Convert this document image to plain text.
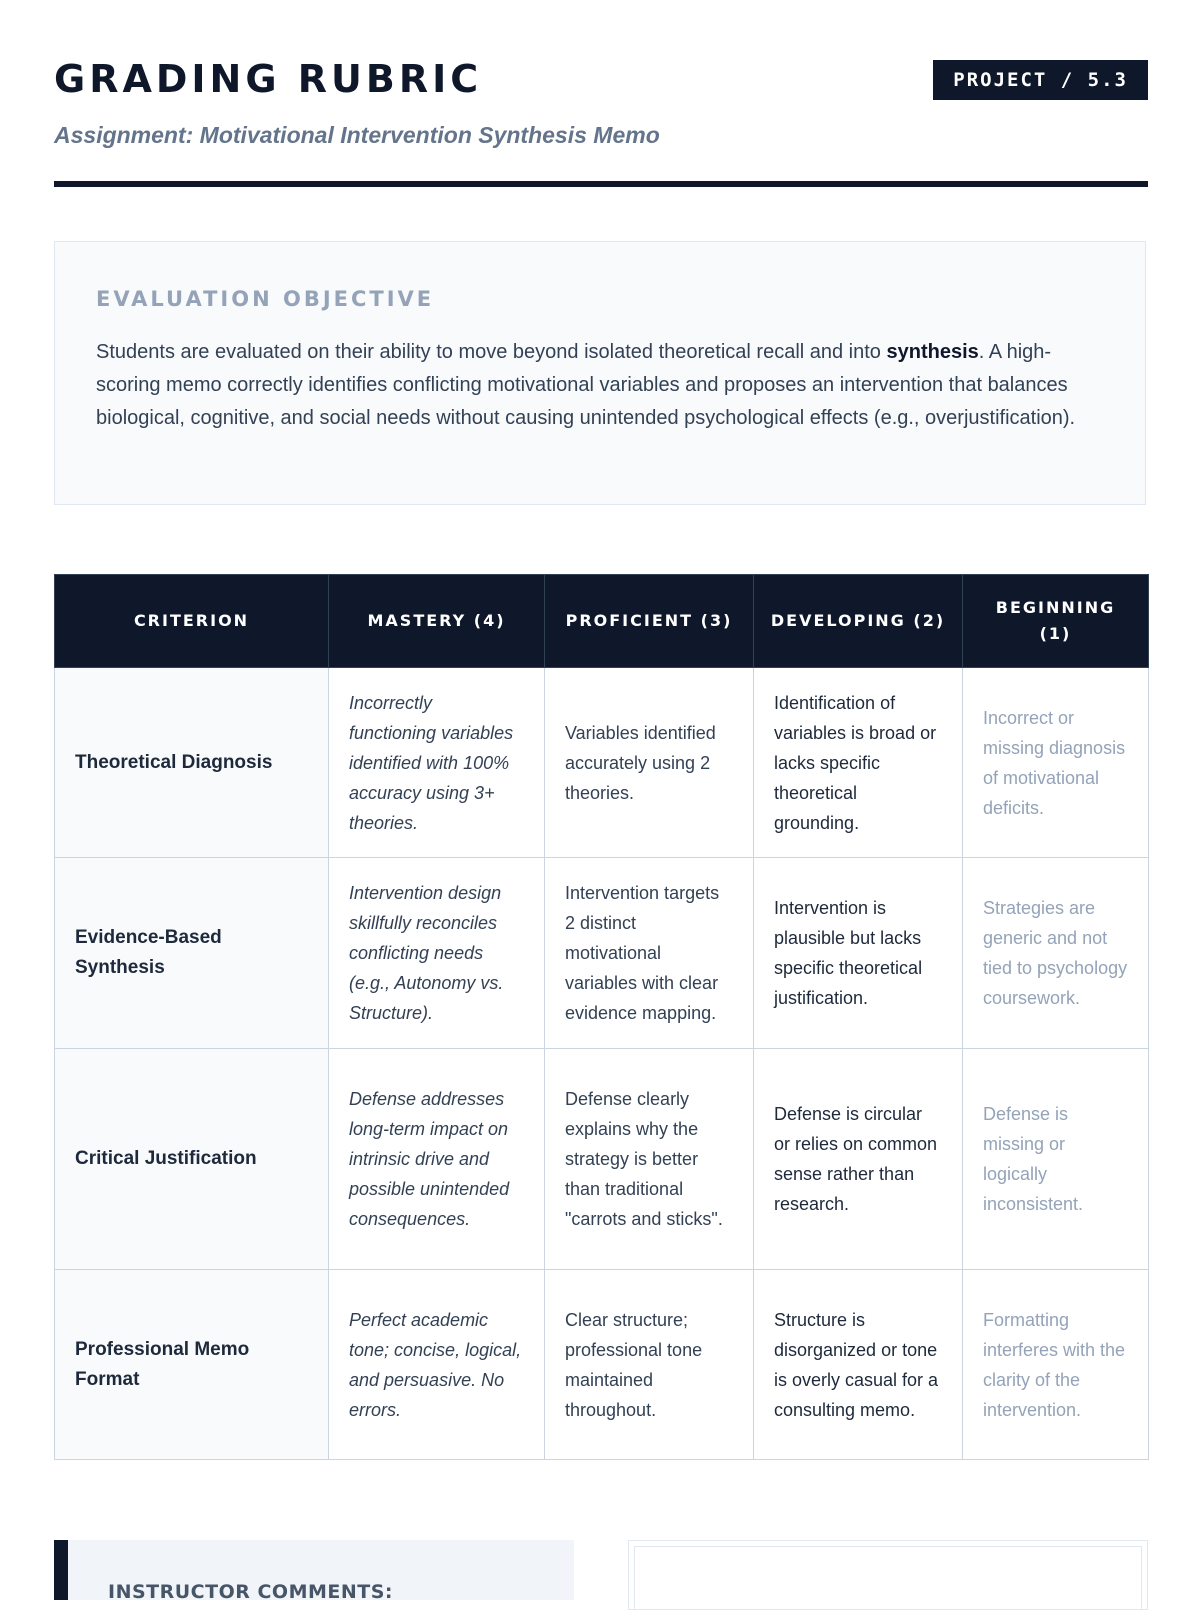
GRADING RUBRIC	PROJECT / 5.3

Assignment: Motivational Intervention Synthesis Memo

EVALUATION OBJECTIVE

Students are evaluated on their ability to move beyond isolated theoretical recall and into synthesis. A high-scoring memo correctly identifies conflicting motivational variables and proposes an intervention that balances biological, cognitive, and social needs without causing unintended psychological effects (e.g., overjustification).

CRITERION	MASTERY (4)	PROFICIENT (3)	DEVELOPING (2)	BEGINNING (1)
Theoretical Diagnosis	Incorrectly functioning variables identified with 100% accuracy using 3+ theories.	Variables identified accurately using 2 theories.	Identification of variables is broad or lacks specific theoretical grounding.	Incorrect or missing diagnosis of motivational deficits.
Evidence-Based Synthesis	Intervention design skillfully reconciles conflicting needs (e.g., Autonomy vs. Structure).	Intervention targets 2 distinct motivational variables with clear evidence mapping.	Intervention is plausible but lacks specific theoretical justification.	Strategies are generic and not tied to psychology coursework.
Critical Justification	Defense addresses long-term impact on intrinsic drive and possible unintended consequences.	Defense clearly explains why the strategy is better than traditional "carrots and sticks".	Defense is circular or relies on common sense rather than research.	Defense is missing or logically inconsistent.
Professional Memo Format	Perfect academic tone; concise, logical, and persuasive. No errors.	Clear structure; professional tone maintained throughout.	Structure is disorganized or tone is overly casual for a consulting memo.	Formatting interferes with the clarity of the intervention.
INSTRUCTOR COMMENTS:
